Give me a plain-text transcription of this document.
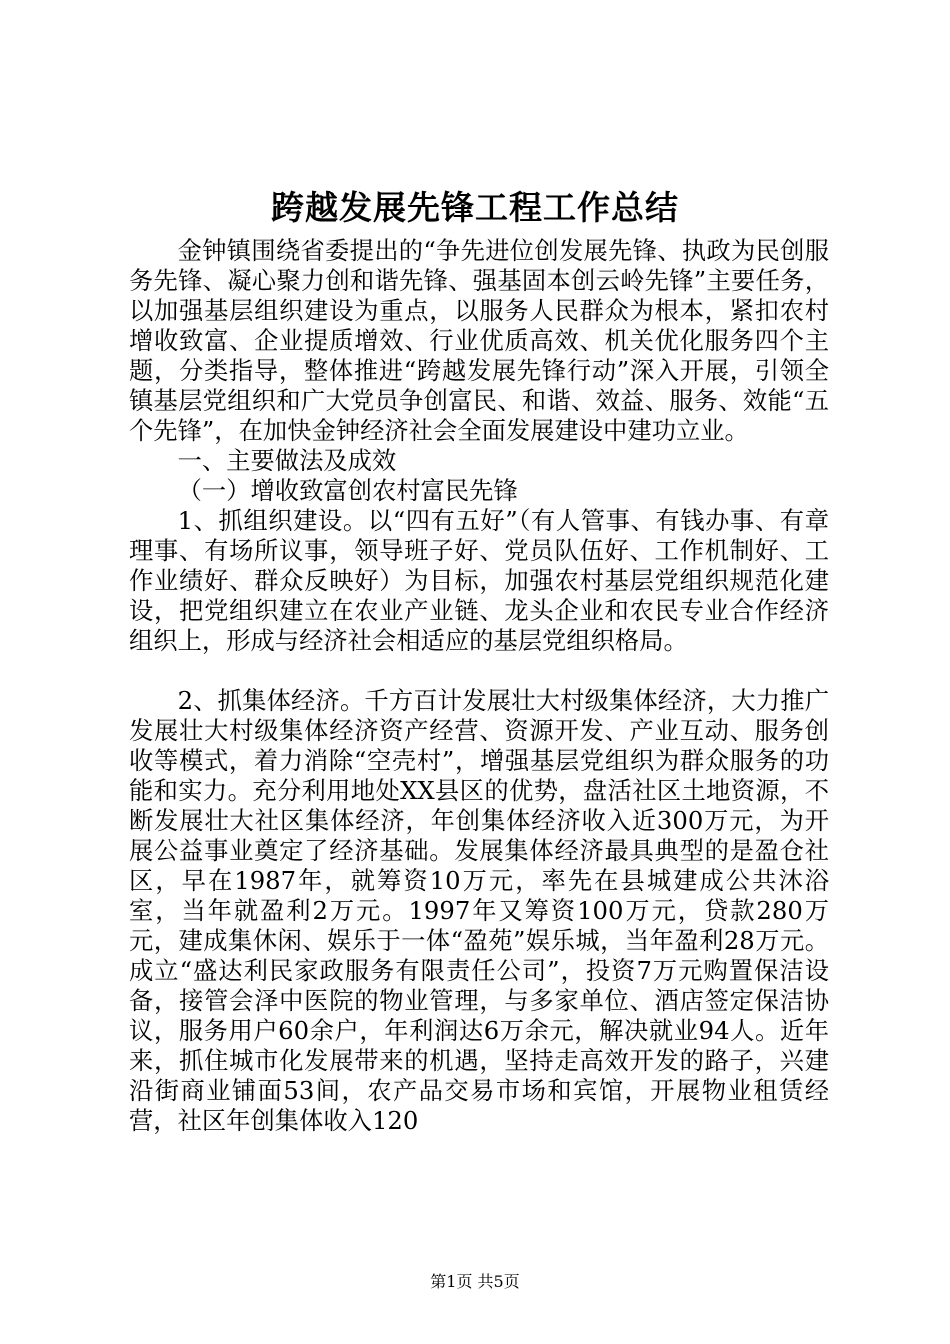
跨越发展先锋工程工作总结

金钟镇围绕省委提出的“争先进位创发展先锋、执政为民创服务先锋、凝心聚力创和谐先锋、强基固本创云岭先锋”主要任务，以加强基层组织建设为重点，以服务人民群众为根本，紧扣农村增收致富、企业提质增效、行业优质高效、机关优化服务四个主题，分类指导，整体推进“跨越发展先锋行动”深入开展，引领全镇基层党组织和广大党员争创富民、和谐、效益、服务、效能“五个先锋”，在加快金钟经济社会全面发展建设中建功立业。

一、主要做法及成效

（一）增收致富创农村富民先锋

1、抓组织建设。以“四有五好”（有人管事、有钱办事、有章理事、有场所议事，领导班子好、党员队伍好、工作机制好、工作业绩好、群众反映好）为目标，加强农村基层党组织规范化建设，把党组织建立在农业产业链、龙头企业和农民专业合作经济组织上，形成与经济社会相适应的基层党组织格局。

2、抓集体经济。千方百计发展壮大村级集体经济，大力推广发展壮大村级集体经济资产经营、资源开发、产业互动、服务创收等模式，着力消除“空壳村”，增强基层党组织为群众服务的功能和实力。充分利用地处XX县区的优势，盘活社区土地资源，不断发展壮大社区集体经济，年创集体经济收入近300万元，为开展公益事业奠定了经济基础。发展集体经济最具典型的是盈仓社区，早在1987年，就筹资10万元，率先在县城建成公共沐浴室，当年就盈利2万元。1997年又筹资100万元，贷款280万元，建成集休闲、娱乐于一体“盈苑”娱乐城，当年盈利28万元。成立“盛达利民家政服务有限责任公司”，投资7万元购置保洁设备，接管会泽中医院的物业管理，与多家单位、酒店签定保洁协议，服务用户60余户，年利润达6万余元，解决就业94人。近年来，抓住城市化发展带来的机遇，坚持走高效开发的路子，兴建沿街商业铺面53间，农产品交易市场和宾馆，开展物业租赁经营，社区年创集体收入120

第1页 共5页
